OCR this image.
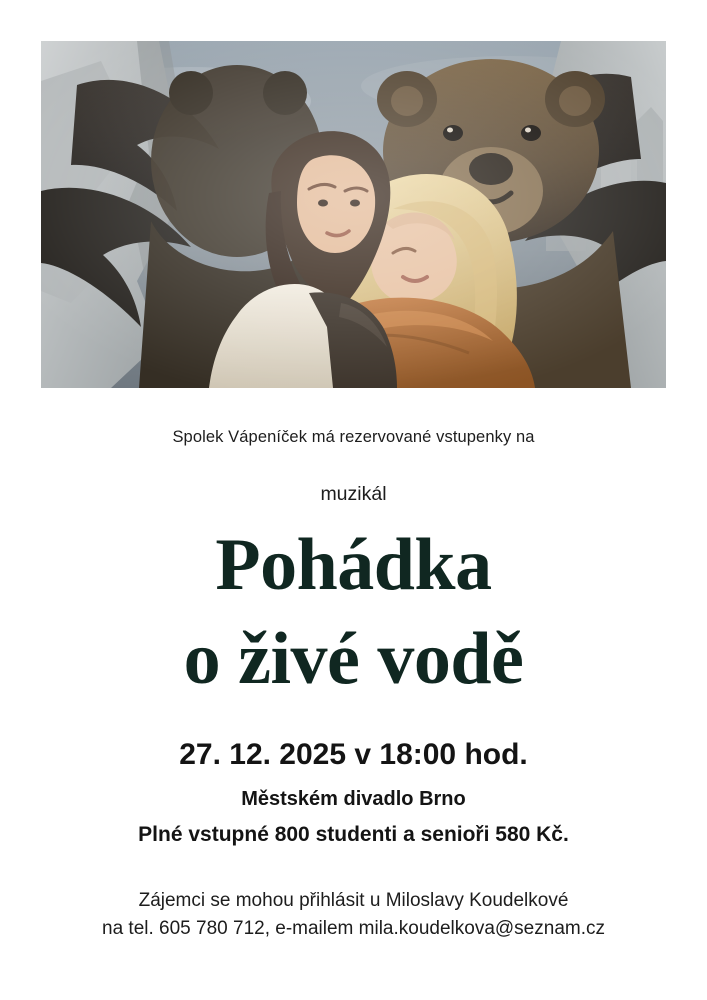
Spolek Vápeníček má rezervované vstupenky na
muzikál
Pohádka
o živé vodě
27. 12. 2025 v 18:00 hod.
Městském divadlo Brno
Plné vstupné 800 studenti a senioři 580 Kč.
Zájemci se mohou přihlásit u Miloslavy Koudelkové
na tel. 605 780 712, e-mailem mila.koudelkova@seznam.cz
